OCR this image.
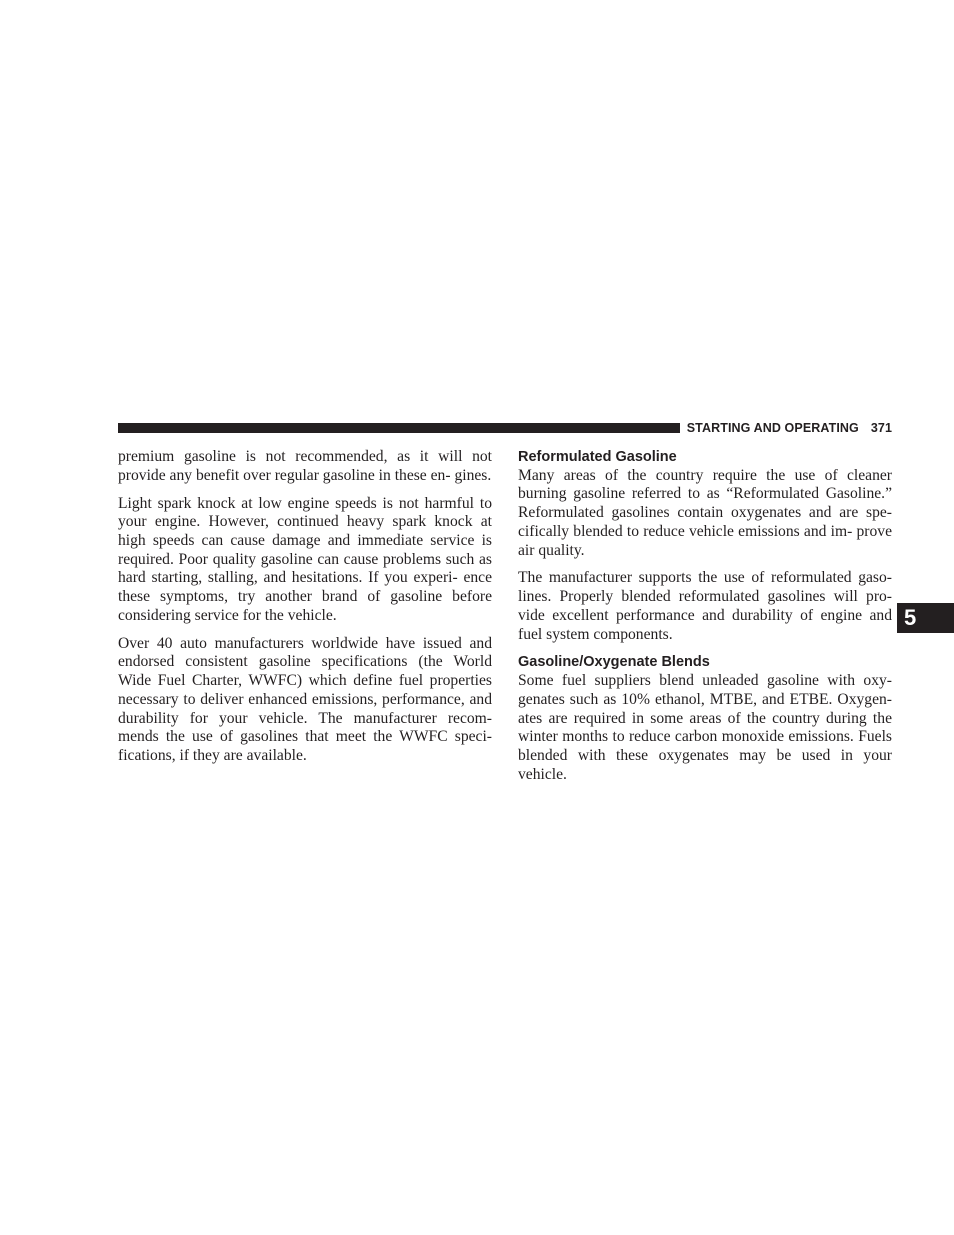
STARTING AND OPERATING 371

premium gasoline is not recommended, as it will not provide any benefit over regular gasoline in these en- gines.

Light spark knock at low engine speeds is not harmful to your engine. However, continued heavy spark knock at high speeds can cause damage and immediate service is required. Poor quality gasoline can cause problems such as hard starting, stalling, and hesitations. If you experi- ence these symptoms, try another brand of gasoline before considering service for the vehicle.

Over 40 auto manufacturers worldwide have issued and endorsed consistent gasoline specifications (the World Wide Fuel Charter, WWFC) which define fuel properties necessary to deliver enhanced emissions, performance, and durability for your vehicle. The manufacturer recom- mends the use of gasolines that meet the WWFC speci- fications, if they are available.

Reformulated Gasoline

Many areas of the country require the use of cleaner burning gasoline referred to as “Reformulated Gasoline.” Reformulated gasolines contain oxygenates and are spe- cifically blended to reduce vehicle emissions and im- prove air quality.

The manufacturer supports the use of reformulated gaso- lines. Properly blended reformulated gasolines will pro- vide excellent performance and durability of engine and fuel system components.

Gasoline/Oxygenate Blends

Some fuel suppliers blend unleaded gasoline with oxy- genates such as 10% ethanol, MTBE, and ETBE. Oxygen- ates are required in some areas of the country during the winter months to reduce carbon monoxide emissions. Fuels blended with these oxygenates may be used in your vehicle.

5
